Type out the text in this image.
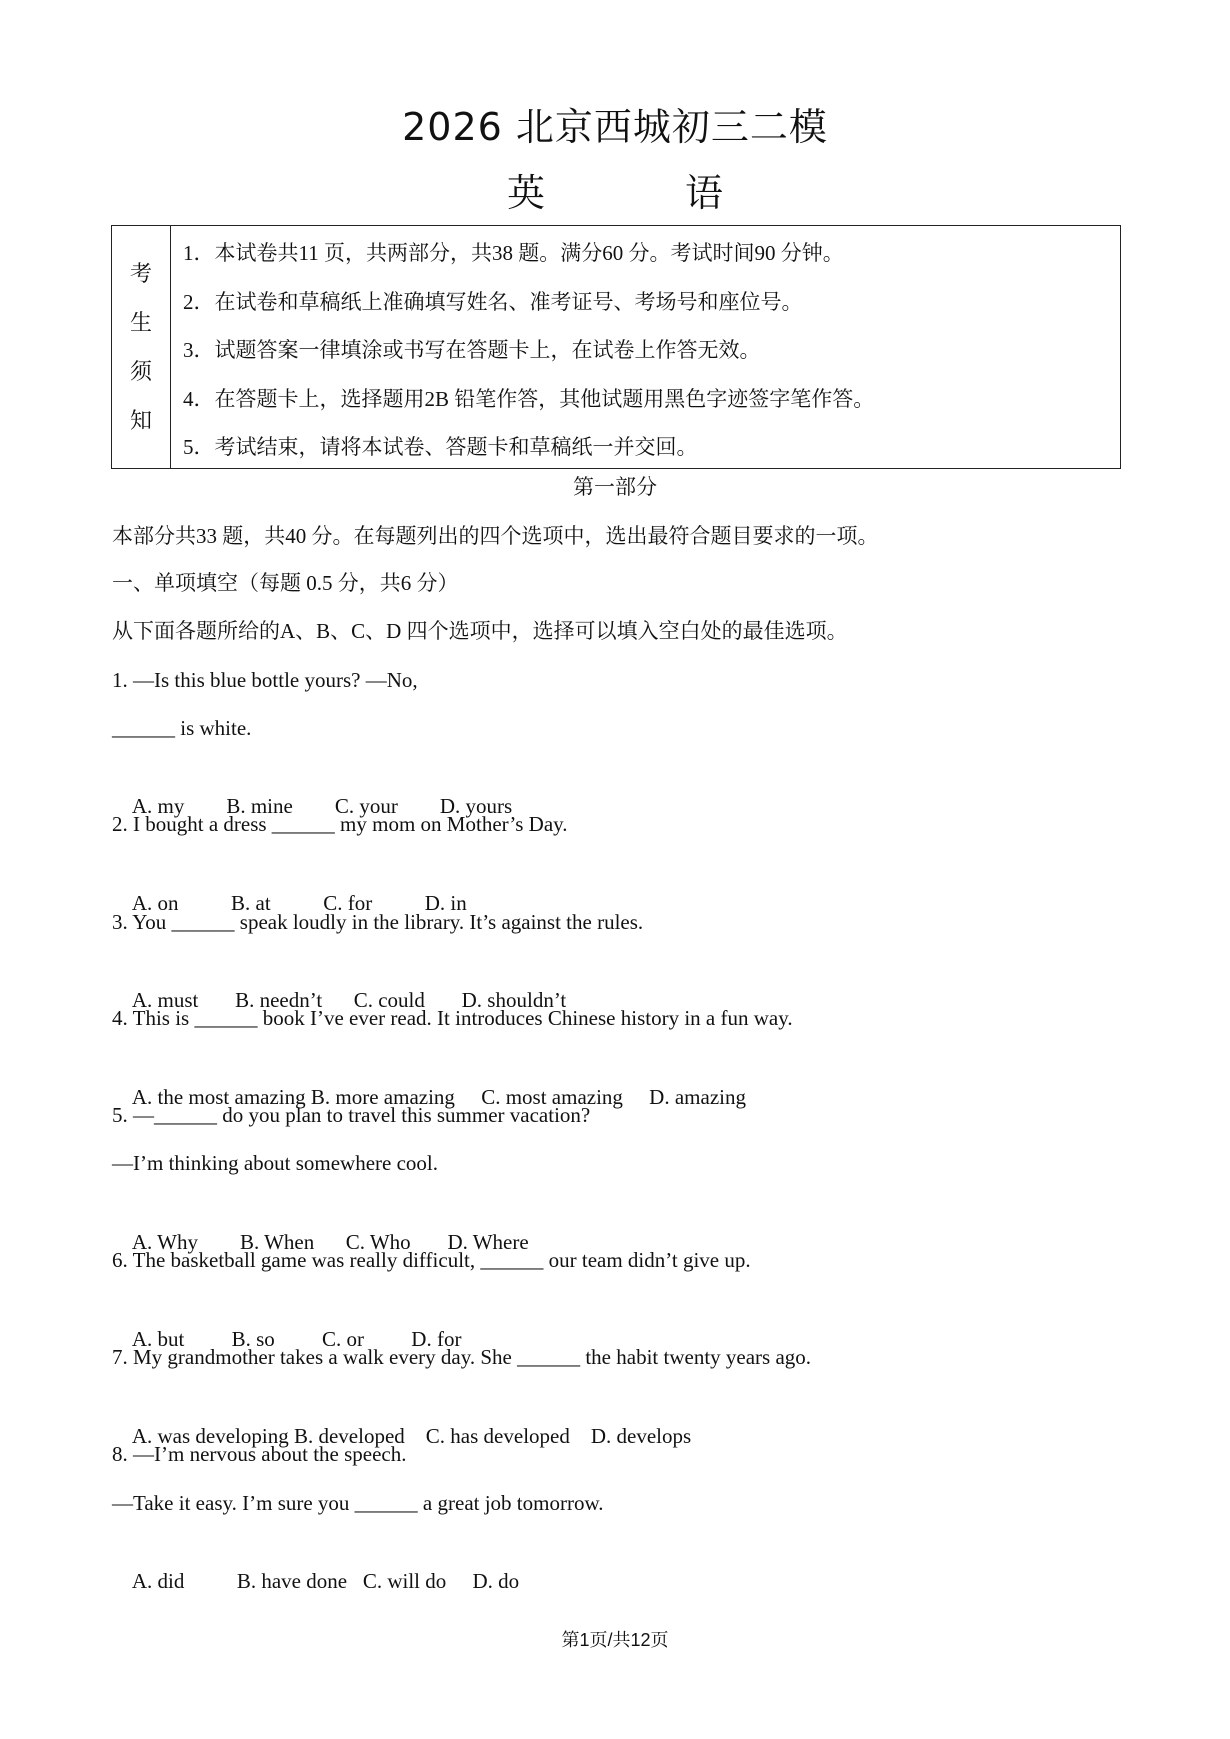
2026 北京西城初三二模
英 语
考
生
须
知
1．本试卷共11 页，共两部分，共38 题。满分60 分。考试时间90 分钟。
2．在试卷和草稿纸上准确填写姓名、准考证号、考场号和座位号。
3．试题答案一律填涂或书写在答题卡上，在试卷上作答无效。
4．在答题卡上，选择题用2B 铅笔作答，其他试题用黑色字迹签字笔作答。
5．考试结束，请将本试卷、答题卡和草稿纸一并交回。
第一部分
本部分共33 题，共40 分。在每题列出的四个选项中，选出最符合题目要求的一项。
一、单项填空（每题 0.5 分，共6 分）
从下面各题所给的A、B、C、D 四个选项中，选择可以填入空白处的最佳选项。
1. —Is this blue bottle yours? —No,
______ is white.

A. my B. mine C. your D. yours

2. I bought a dress ______ my mom on Mother’s Day.

A. on	B. at	C. for	D. in

3. You ______ speak loudly in the library. It’s against the rules.

A. must B. needn’t C. could D. shouldn’t

4. This is ______ book I’ve ever read. It introduces Chinese history in a fun way.

A. the most amazing B. more amazing C. most amazing D. amazing

5. —______ do you plan to travel this summer vacation?
—I’m thinking about somewhere cool.

A. Why B. When C. Who D. Where

6. The basketball game was really difficult, ______ our team didn’t give up.

A. but B. so C. or D. for

7. My grandmother takes a walk every day. She ______ the habit twenty years ago.

A. was developing B. developed C. has developed D. develops

8. —I’m nervous about the speech.
—Take it easy. I’m sure you ______ a great job tomorrow.

A. did	B. have done C. will do D. do

第1页/共12页
